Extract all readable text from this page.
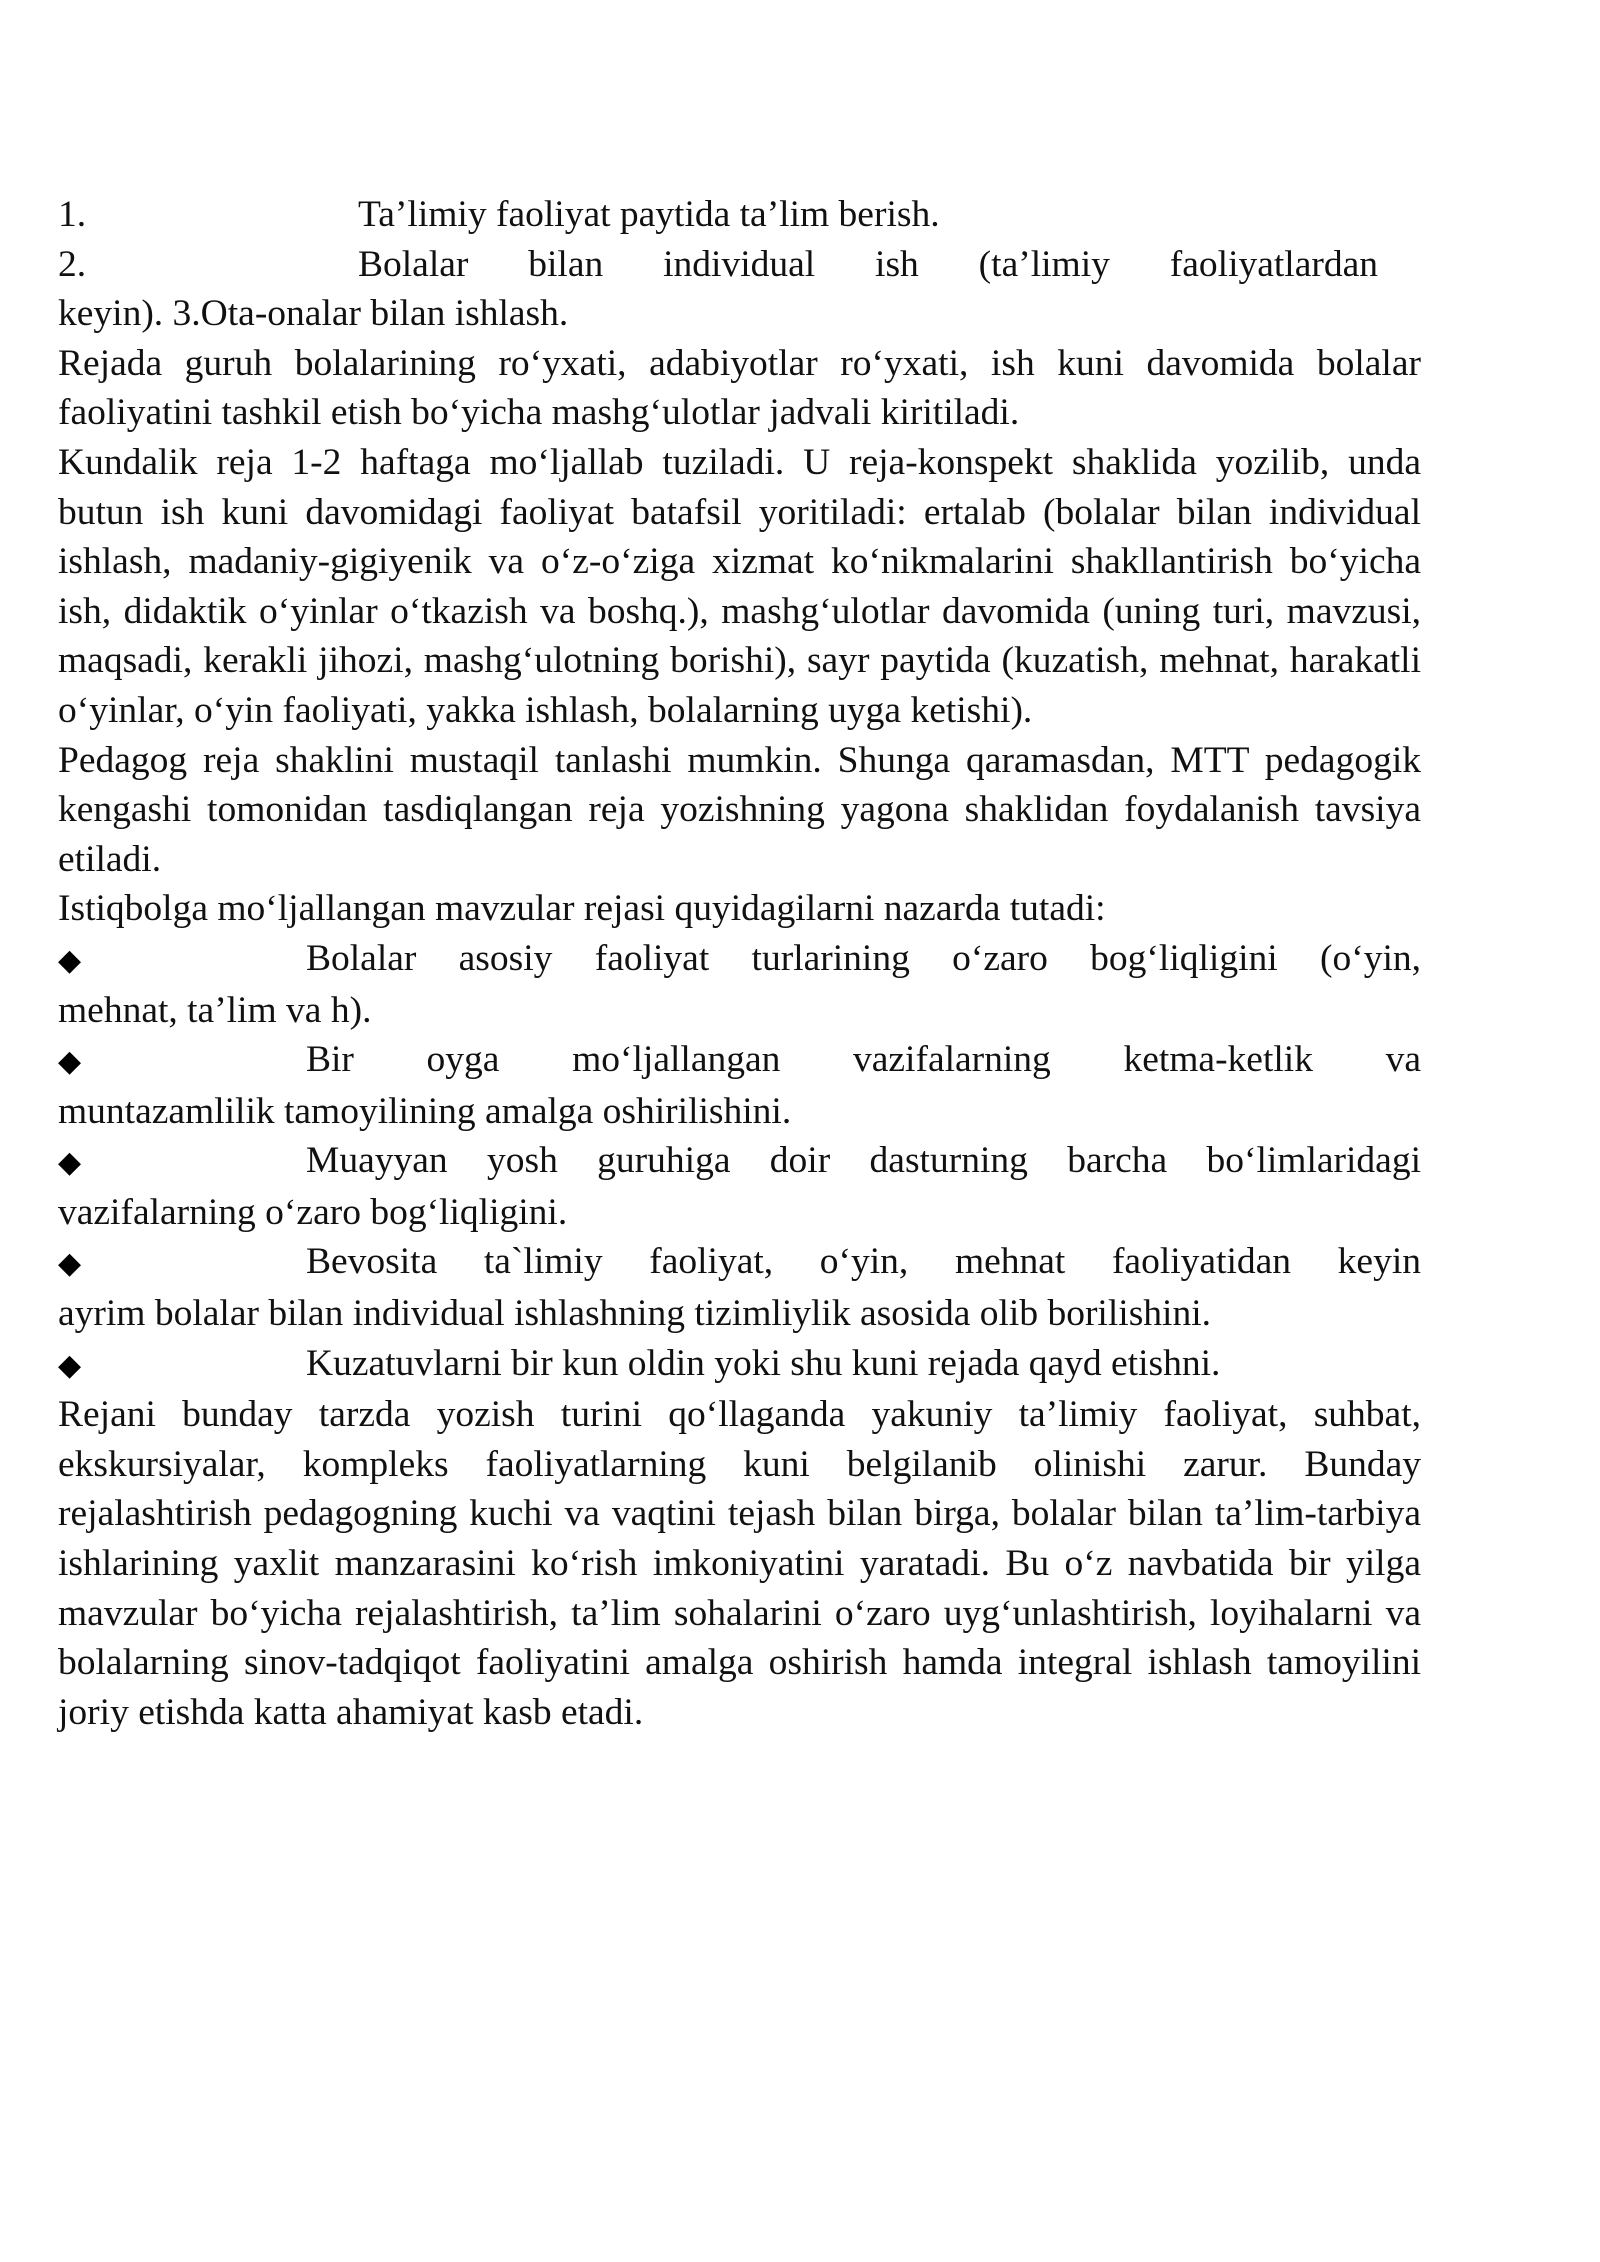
1.	Ta’limiy faoliyat paytida ta’lim berish.
2.	Bolalar bilan individual ish (ta’limiy faoliyatlardan

keyin). 3.Ota-onalar bilan ishlash.

Rejada guruh bolalarining ro‘yxati, adabiyotlar ro‘yxati, ish kuni davomida bolalar faoliyatini tashkil etish bo‘yicha mashg‘ulotlar jadvali kiritiladi.

Kundalik reja 1-2 haftaga mo‘ljallab tuziladi. U reja-konspekt shaklida yozilib, unda butun ish kuni davomidagi faoliyat batafsil yoritiladi: ertalab (bolalar bilan individual ishlash, madaniy-gigiyenik va o‘z-o‘ziga xizmat ko‘nikmalarini shakllantirish bo‘yicha ish, didaktik o‘yinlar o‘tkazish va boshq.), mashg‘ulotlar davomida (uning turi, mavzusi, maqsadi, kerakli jihozi, mashg‘ulotning borishi), sayr paytida (kuzatish, mehnat, harakatli o‘yinlar, o‘yin faoliyati, yakka ishlash, bolalarning uyga ketishi).

Pedagog reja shaklini mustaqil tanlashi mumkin. Shunga qaramasdan, MTT pedagogik kengashi tomonidan tasdiqlangan reja yozishning yagona shaklidan foydalanish tavsiya etiladi.

Istiqbolga mo‘ljallangan mavzular rejasi quyidagilarni nazarda tutadi:

◆	Bolalar asosiy faoliyat turlarining o‘zaro bog‘liqligini (o‘yin,
mehnat, ta’lim va h).
◆	Bir oyga mo‘ljallangan vazifalarning ketma-ketlik va
muntazamlilik tamoyilining amalga oshirilishini.
◆	Muayyan yosh guruhiga doir dasturning barcha bo‘limlaridagi
vazifalarning o‘zaro bog‘liqligini.
◆	Bevosita ta`limiy faoliyat, o‘yin, mehnat faoliyatidan keyin
ayrim bolalar bilan individual ishlashning tizimliylik asosida olib borilishini.
◆	Kuzatuvlarni bir kun oldin yoki shu kuni rejada qayd etishni.

Rejani bunday tarzda yozish turini qo‘llaganda yakuniy ta’limiy faoliyat, suhbat, ekskursiyalar, kompleks faoliyatlarning kuni belgilanib olinishi zarur. Bunday rejalashtirish pedagogning kuchi va vaqtini tejash bilan birga, bolalar bilan ta’lim-tarbiya ishlarining yaxlit manzarasini ko‘rish imkoniyatini yaratadi. Bu o‘z navbatida bir yilga mavzular bo‘yicha rejalashtirish, ta’lim sohalarini o‘zaro uyg‘unlashtirish, loyihalarni va bolalarning sinov-tadqiqot faoliyatini amalga oshirish hamda integral ishlash tamoyilini joriy etishda katta ahamiyat kasb etadi.
